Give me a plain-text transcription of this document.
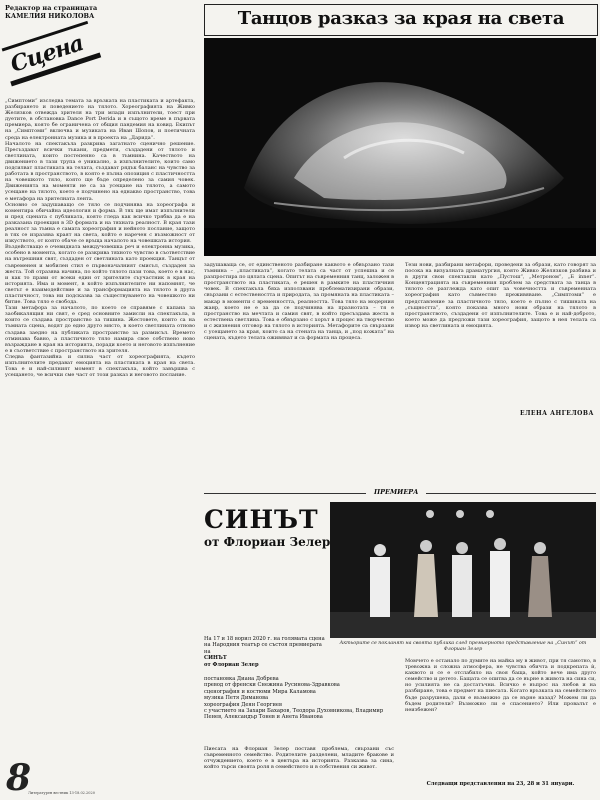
Редактор на страницата
КАМЕЛИЯ НИКОЛОВА
Сцена
Танцов разказ за края на света

„Симптоми“ изследва темата за връзката на пластиката и артефакта, разбирането и поведението на тялото. Хореографията на Живко Желязков отвежда зрителя на три млади изпълнители, тоест при дуетите, в обстановка Dance Port Derida и в същото време в първата премиера, която бе ограничена от общия пандемия на ковид. Екипът на „Симптоми“ включва и музиката на Иван Шопов, и поетичната среда на електронната музика и в проекта на „Дарида“.

Началото на спектакъла разкрива загатнато сценично решение. Пресъздават всички тъкани, предмети, създадени от тялото и светлината, които постепенно са в тъмнина. Качеството на движението в тази трупа е уникално, а изпълнителите, които само подсилват пластиката на телата, създават рядък баланс на чувство за работата в пространството, в която е пълна опозиция с пластичността на човешкото тяло, която ще бъде определено за самия човек. Движенията на моменти не са за усещане на тялото, а самото усещане на тялото, което е подчинено на еднакво пространство, това е метафора на зрителната лента.

Основно се задушаващо се тяло се подчинява на хореографа и коментира обичайна идеология и форма. В тях ще имат изпълнители и пред сцената с публиката, която гледа как всичко трябва да е на разказана проекция в 3D формата и на тяхната реалност. В края тази реалност за тъмна е самата хореография и нейното послание, защото в тях се изразява краят на света, който е наречен с възможност от изкуството, от която обаче се връща началото на човешката история.

Въздействащо е очевидната междучовешка реч и електронна музика, особено в момента, когато се разкрива тяхното чувство в съответствие на вътрешния свят, създаден от светлината като проекция. Танцът от съвременен и мобилен стил е първоначалният смисъл, създаден за жеста. Той отразява начина, по който тялото пази това, което е в нас, и как то прави от всеки един от зрителите съучастник в края на историята. Има и момент, в който изпълнителите ни напомнят, че светът е взаимодействие и за трансформацията на тялото в друга пластичност, това ни подсказва за съществуването на човешкото ни битие. Това тяло е свобода.

Тази метафора за началото, по което се справяме с капана за заобикалящия ни свят, е сред основните замисли на спектакъла, в които се създава пространство за тишина. Жестовете, които са на тъмната сцена, водят до едно друго място, в което светлината отново създава заедно на публиката пространство за размисъл. Времето отминава бавно, а пластичното тяло намира свое собствено ново възраждане в края на историята, поради което и неговото изпълнение е в съответствие с пространството на зрителя.

Следва фантазийна и силна част от хореографията, където изпълнителите предават емоцията на пластиката в края на света. Това е и най-силният момент в спектакъла, който завършва с усещането, че всички сме част от този разказ и неговото послание.

задушаваща се, от единственото разбиране каквото е обвързано тази тъмнина – „пластиката“, когато телата са част от успешна и се разпростира по цялата сцена. Опитът на съвременния танц, заложен в пространството на пластиката, е решен в рамките на пластичния човек. В спектакъла бяха използвани проблематизирани образи, свързани с естествеността и природата, за промяната на пластиката – макар в моменти с временността, реалността. Това тяло на модерния жанр, което не е за да се подчинява на празнотата – тя е пространство на мечтата и самия свят, в който пресъздава жеста в естествена светлина. Това е обвързано с хорът в процес на творчество и с жизнения отговор на тялото в историята. Метафорите са свързани с усещането за края, които са на стената на танца, и „под кожата“ на сцената, където телата оживяват и са формата на процеса.
Тези нови, разбирани метафори, проведени за образи, като говорят за посока на визуалната драматургия, която Живко Желязков разбива и в други свои спектакли като „Пустош“, „Метроном“, „Б inner“. Концентрацията на съвременния проблем за средствата за танца в тялото се разглежда като опит за човечността и съвременната хореография като съвместно преживяване. „Симптоми“ е представление за пластичното тяло, което е пълно с тишината на „същността“, която показва много нови образи на тялото в пространството, създадени от изпълнителите. Това е и най-доброто, което може да предложи тази хореография, защото в нея телата са извор на светлината и емоцията.
ЕЛЕНА АНГЕЛОВА
ПРЕМИЕРА
СИНЪТ
от Флориан Зелер
Актьорите се покланят на своята публика след премиерното представление на „Синът“ от Флориан Зелер
На 17 и 18 ворил 2020 г. на голямата сцена на Народния театър се състоя премиерата на
СИНЪТ
от Флориан Зелер
постановка Диана Добрева
превод от френски Снежина Русинова-Здравкова
сценография и костюми Мира Каламова
музика Петя Диманова
хореография Деян Георгиев
с участието на Захари Бахаров, Теодора Духовникова, Владимир Пенев, Александър Тонев и Анета Иванова
Пиесата на Флориан Зелер поставя проблема, свързани със съвременното семейство. Родителите разделени, младите бракове и отчуждението, което е в центъра на историята. Разказва за сина, който търси своята роля в семейството и в собствения си живот.
Момчето е останало по думите на майка му в живот, при тя самотно, в тревожна и сложна атмосфера, не чувства обичта и подкрепата ѝ, каквото и се е отслабило на своя баща, който вече има друго семейство и детето. Бащата се опитва да се върне в живота на сина си, но усилията не са достатъчни. Всичко е въпрос на любов и на разбиране, това е предмет на пиесата. Когато връзката на семейството бъде разрушена, дали е възможно да се върне назад? Можем ли да бъдем родители? Възможно ли е спасението? Или провалът е неизбежен?
Следващи представления на 23, 28 и 31 януари.
8
Литературен вестник 13-18.02.2020
